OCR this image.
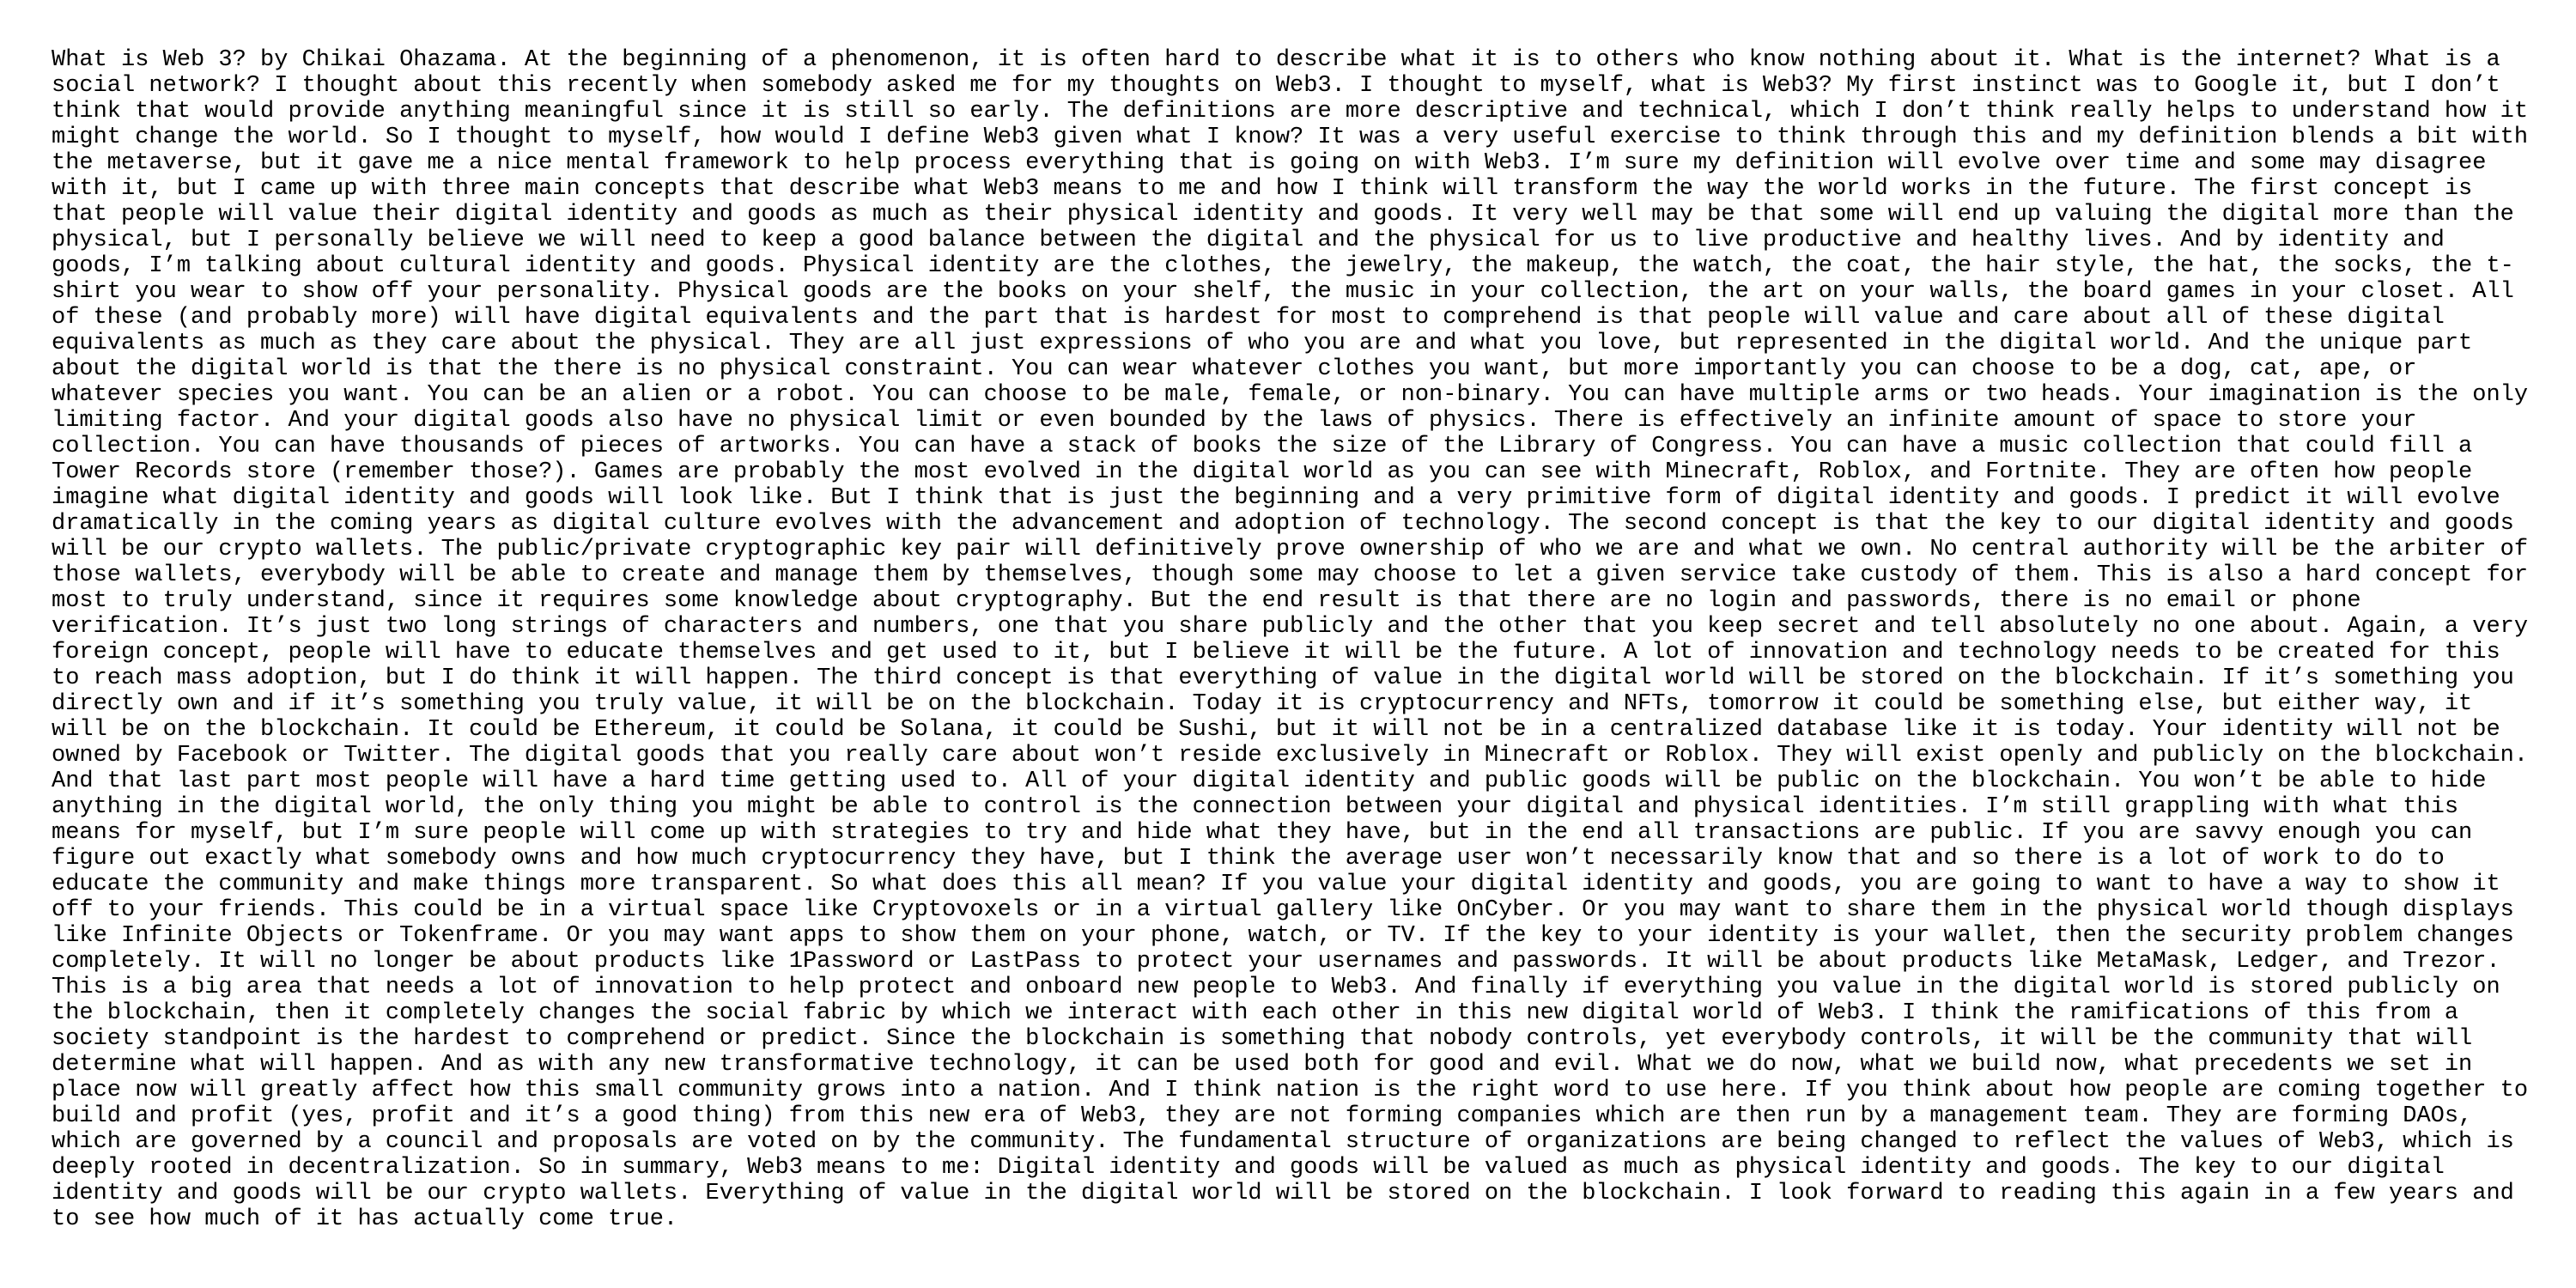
What is Web 3? by Chikai Ohazama. At the beginning of a phenomenon, it is often hard to describe what it is to others who know nothing about it. What is the internet? What is a social network? I thought about this recently when somebody asked me for my thoughts on Web3. I thought to myself, what is Web3? My first instinct was to Google it, but I don’t think that would provide anything meaningful since it is still so early. The definitions are more descriptive and technical, which I don’t think really helps to understand how it might change the world. So I thought to myself, how would I define Web3 given what I know? It was a very useful exercise to think through this and my definition blends a bit with the metaverse, but it gave me a nice mental framework to help process everything that is going on with Web3. I’m sure my definition will evolve over time and some may disagree with it, but I came up with three main concepts that describe what Web3 means to me and how I think will transform the way the world works in the future. The first concept is that people will value their digital identity and goods as much as their physical identity and goods. It very well may be that some will end up valuing the digital more than the physical, but I personally believe we will need to keep a good balance between the digital and the physical for us to live productive and healthy lives. And by identity and goods, I’m talking about cultural identity and goods. Physical identity are the clothes, the jewelry, the makeup, the watch, the coat, the hair style, the hat, the socks, the t-shirt you wear to show off your personality. Physical goods are the books on your shelf, the music in your collection, the art on your walls, the board games in your closet. All of these (and probably more) will have digital equivalents and the part that is hardest for most to comprehend is that people will value and care about all of these digital equivalents as much as they care about the physical. They are all just expressions of who you are and what you love, but represented in the digital world. And the unique part about the digital world is that the there is no physical constraint. You can wear whatever clothes you want, but more importantly you can choose to be a dog, cat, ape, or whatever species you want. You can be an alien or a robot. You can choose to be male, female, or non-binary. You can have multiple arms or two heads. Your imagination is the only limiting factor. And your digital goods also have no physical limit or even bounded by the laws of physics. There is effectively an infinite amount of space to store your collection. You can have thousands of pieces of artworks. You can have a stack of books the size of the Library of Congress. You can have a music collection that could fill a Tower Records store (remember those?). Games are probably the most evolved in the digital world as you can see with Minecraft, Roblox, and Fortnite. They are often how people imagine what digital identity and goods will look like. But I think that is just the beginning and a very primitive form of digital identity and goods. I predict it will evolve dramatically in the coming years as digital culture evolves with the advancement and adoption of technology. The second concept is that the key to our digital identity and goods will be our crypto wallets. The public/private cryptographic key pair will definitively prove ownership of who we are and what we own. No central authority will be the arbiter of those wallets, everybody will be able to create and manage them by themselves, though some may choose to let a given service take custody of them. This is also a hard concept for most to truly understand, since it requires some knowledge about cryptography. But the end result is that there are no login and passwords, there is no email or phone verification. It’s just two long strings of characters and numbers, one that you share publicly and the other that you keep secret and tell absolutely no one about. Again, a very foreign concept, people will have to educate themselves and get used to it, but I believe it will be the future. A lot of innovation and technology needs to be created for this to reach mass adoption, but I do think it will happen. The third concept is that everything of value in the digital world will be stored on the blockchain. If it’s something you directly own and if it’s something you truly value, it will be on the blockchain. Today it is cryptocurrency and NFTs, tomorrow it could be something else, but either way, it will be on the blockchain. It could be Ethereum, it could be Solana, it could be Sushi, but it will not be in a centralized database like it is today. Your identity will not be owned by Facebook or Twitter. The digital goods that you really care about won’t reside exclusively in Minecraft or Roblox. They will exist openly and publicly on the blockchain. And that last part most people will have a hard time getting used to. All of your digital identity and public goods will be public on the blockchain. You won’t be able to hide anything in the digital world, the only thing you might be able to control is the connection between your digital and physical identities. I’m still grappling with what this means for myself, but I’m sure people will come up with strategies to try and hide what they have, but in the end all transactions are public. If you are savvy enough you can figure out exactly what somebody owns and how much cryptocurrency they have, but I think the average user won’t necessarily know that and so there is a lot of work to do to educate the community and make things more transparent. So what does this all mean? If you value your digital identity and goods, you are going to want to have a way to show it off to your friends. This could be in a virtual space like Cryptovoxels or in a virtual gallery like OnCyber. Or you may want to share them in the physical world though displays like Infinite Objects or Tokenframe. Or you may want apps to show them on your phone, watch, or TV. If the key to your identity is your wallet, then the security problem changes completely. It will no longer be about products like 1Password or LastPass to protect your usernames and passwords. It will be about products like MetaMask, Ledger, and Trezor. This is a big area that needs a lot of innovation to help protect and onboard new people to Web3. And finally if everything you value in the digital world is stored publicly on the blockchain, then it completely changes the social fabric by which we interact with each other in this new digital world of Web3. I think the ramifications of this from a society standpoint is the hardest to comprehend or predict. Since the blockchain is something that nobody controls, yet everybody controls, it will be the community that will determine what will happen. And as with any new transformative technology, it can be used both for good and evil. What we do now, what we build now, what precedents we set in place now will greatly affect how this small community grows into a nation. And I think nation is the right word to use here. If you think about how people are coming together to build and profit (yes, profit and it’s a good thing) from this new era of Web3, they are not forming companies which are then run by a management team. They are forming DAOs, which are governed by a council and proposals are voted on by the community. The fundamental structure of organizations are being changed to reflect the values of Web3, which is deeply rooted in decentralization. So in summary, Web3 means to me: Digital identity and goods will be valued as much as physical identity and goods. The key to our digital identity and goods will be our crypto wallets. Everything of value in the digital world will be stored on the blockchain. I look forward to reading this again in a few years and to see how much of it has actually come true.
